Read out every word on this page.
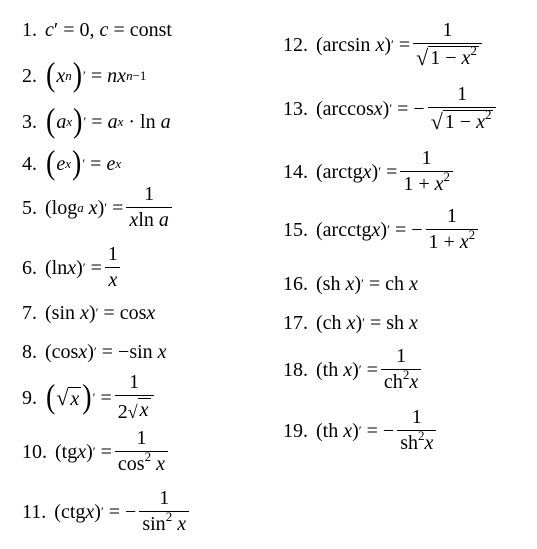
1. c ′ = 0, c = const
2. ( x n ) ′ = nx n−1
3. ( a x ) ′ = a x · ln
a
4. ( e x ) ′ = e x
5. ( log a
x ) ′ = $\frac{1}{\text{xln a}}$
6. ( ln x ) ′ = $\frac{1}{x}$
7. ( sin
x ) ′ = cos x
8. ( cos x ) ′ = − sin
x
9. ( √ x ) ′ = $\frac{1}{2 √ x}$
10. ( tg x ) ′ = $\frac{1}{\cos^2 x}$
11. ( ctg x ) ′ = − $\frac{1}{\sin^2 x}$
12. ( arcsin
x ) ′ = $\frac{1}{√ 1 - x^2}$
13. ( arccos x ) ′ = − $\frac{1}{√ 1 - x^2}$
14. ( arctg x ) ′ = $\frac{1}{1 + x^2}$
15. ( arcctg x ) ′ = − $\frac{1}{1 + x^2}$
16. ( sh
x ) ′ = ch
x
17. ( ch
x ) ′ = sh
x
18. ( th
x ) ′ = $\frac{1}{ch^2x}$
19. ( th
x ) ′ = − $\frac{1}{sh^2x}$
